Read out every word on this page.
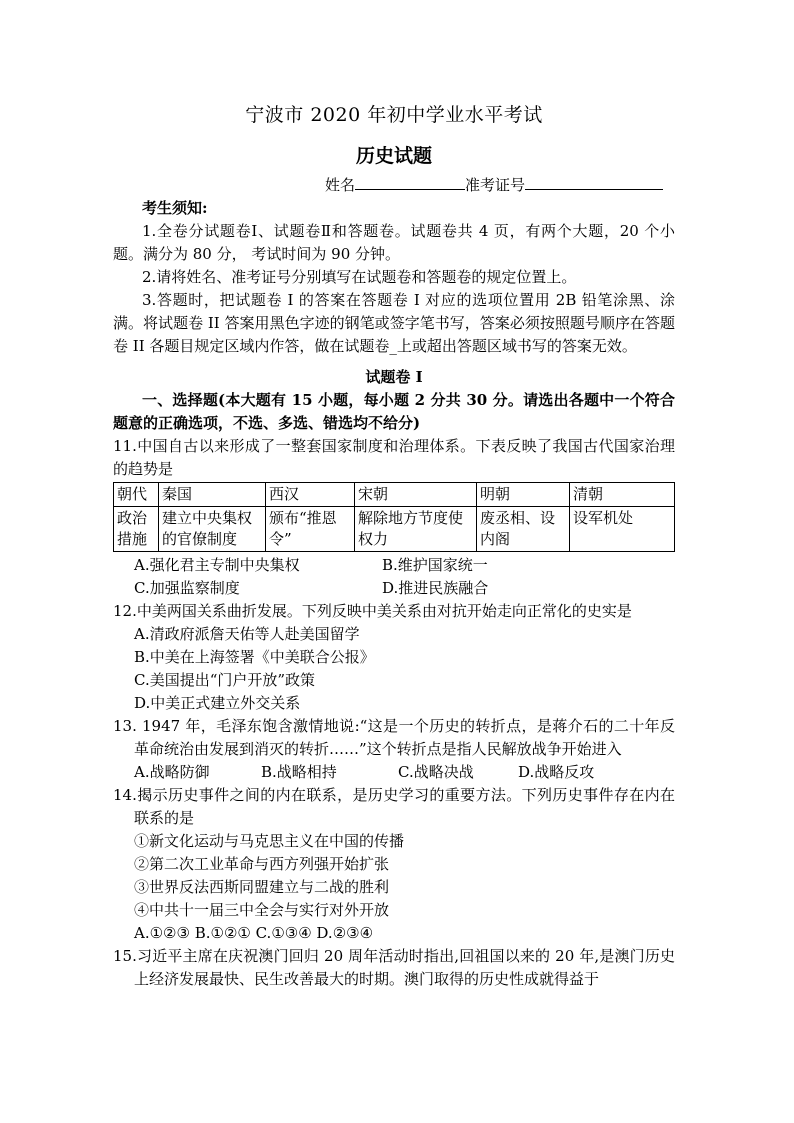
宁波市 2020 年初中学业水平考试
历史试题
姓名	准考证号
考生须知:
1.全卷分试题卷Ⅰ、试题卷Ⅱ和答题卷。试题卷共 4 页，有两个大题，20 个小题。满分为 80 分， 考试时间为 90 分钟。
2.请将姓名、准考证号分别填写在试题卷和答题卷的规定位置上。
3.答题时，把试题卷 I 的答案在答题卷 I 对应的选项位置用 2B 铅笔涂黑、涂满。将试题卷 II 答案用黑色字迹的钢笔或签字笔书写，答案必须按照题号顺序在答题卷 II 各题目规定区域内作答，做在试题卷_上或超出答题区域书写的答案无效。
试题卷 I
一、选择题(本大题有 15 小题，每小题 2 分共 30 分。请选出各题中一个符合题意的正确选项，不选、多选、错选均不给分)
11.中国自古以来形成了一整套国家制度和治理体系。下表反映了我国古代国家治理的趋势是
朝代	秦国	西汉	宋朝	明朝	清朝
政治措施	建立中央集权的官僚制度	颁布“推恩令”	解除地方节度使权力	废丞相、设内阁	设军机处
A.强化君主专制中央集权	B.维护国家统一
C.加强监察制度	D.推进民族融合
12.中美两国关系曲折发展。下列反映中美关系由对抗开始走向正常化的史实是
A.清政府派詹天佑等人赴美国留学
B.中美在上海签署《中美联合公报》
C.美国提出“门户开放”政策
D.中美正式建立外交关系
13. 1947 年，毛泽东饱含激情地说:“这是一个历史的转折点，是蒋介石的二十年反革命统治由发展到消灭的转折……”这个转折点是指人民解放战争开始进入
A.战略防御	B.战略相持	C.战略决战	D.战略反攻
14.揭示历史事件之间的内在联系，是历史学习的重要方法。下列历史事件存在内在联系的是
①新文化运动与马克思主义在中国的传播
②第二次工业革命与西方列强开始扩张
③世界反法西斯同盟建立与二战的胜利
④中共十一届三中全会与实行对外开放
A.①②③ B.①②① C.①③④ D.②③④
15.习近平主席在庆祝澳门回归 20 周年活动时指出,回祖国以来的 20 年,是澳门历史上经济发展最快、民生改善最大的时期。澳门取得的历史性成就得益于
